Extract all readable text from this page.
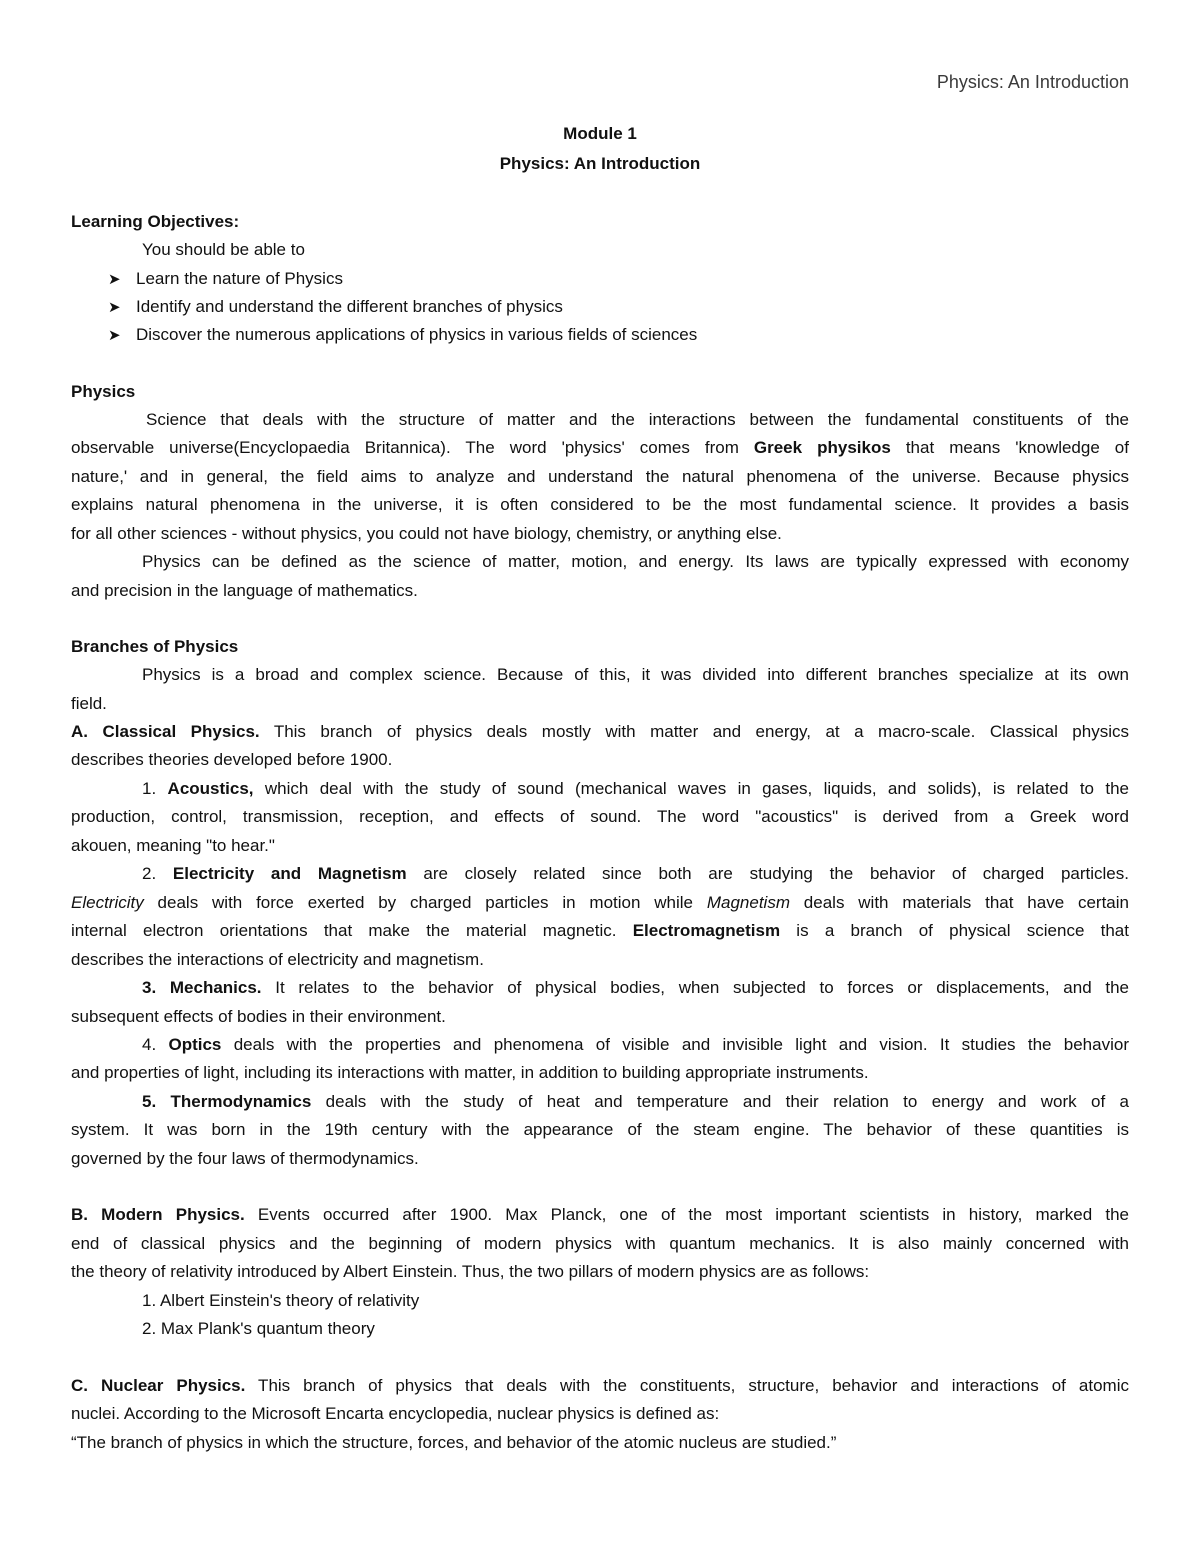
Physics: An Introduction
Module 1
Physics: An Introduction
Learning Objectives:
You should be able to
➤ Learn the nature of Physics
➤ Identify and understand the different branches of physics
➤ Discover the numerous applications of physics in various fields of sciences
Physics
Science that deals with the structure of matter and the interactions between the fundamental constituents of the
observable universe(Encyclopaedia Britannica). The word 'physics' comes from Greek physikos that means 'knowledge of
nature,' and in general, the field aims to analyze and understand the natural phenomena of the universe. Because physics
explains natural phenomena in the universe, it is often considered to be the most fundamental science. It provides a basis
for all other sciences - without physics, you could not have biology, chemistry, or anything else.
Physics can be defined as the science of matter, motion, and energy. Its laws are typically expressed with economy
and precision in the language of mathematics.
Branches of Physics
Physics is a broad and complex science. Because of this, it was divided into different branches specialize at its own
field.
A. Classical Physics. This branch of physics deals mostly with matter and energy, at a macro-scale. Classical physics
describes theories developed before 1900.
1. Acoustics, which deal with the study of sound (mechanical waves in gases, liquids, and solids), is related to the
production, control, transmission, reception, and effects of sound. The word "acoustics" is derived from a Greek word
akouen, meaning "to hear."
2. Electricity and Magnetism are closely related since both are studying the behavior of charged particles.
Electricity deals with force exerted by charged particles in motion while Magnetism deals with materials that have certain
internal electron orientations that make the material magnetic. Electromagnetism is a branch of physical science that
describes the interactions of electricity and magnetism.
3. Mechanics. It relates to the behavior of physical bodies, when subjected to forces or displacements, and the
subsequent effects of bodies in their environment.
4. Optics deals with the properties and phenomena of visible and invisible light and vision. It studies the behavior
and properties of light, including its interactions with matter, in addition to building appropriate instruments.
5. Thermodynamics deals with the study of heat and temperature and their relation to energy and work of a
system. It was born in the 19th century with the appearance of the steam engine. The behavior of these quantities is
governed by the four laws of thermodynamics.
B. Modern Physics. Events occurred after 1900. Max Planck, one of the most important scientists in history, marked the
end of classical physics and the beginning of modern physics with quantum mechanics. It is also mainly concerned with
the theory of relativity introduced by Albert Einstein. Thus, the two pillars of modern physics are as follows:
1. Albert Einstein's theory of relativity
2. Max Plank's quantum theory
C. Nuclear Physics. This branch of physics that deals with the constituents, structure, behavior and interactions of atomic
nuclei. According to the Microsoft Encarta encyclopedia, nuclear physics is defined as:
“The branch of physics in which the structure, forces, and behavior of the atomic nucleus are studied.”
